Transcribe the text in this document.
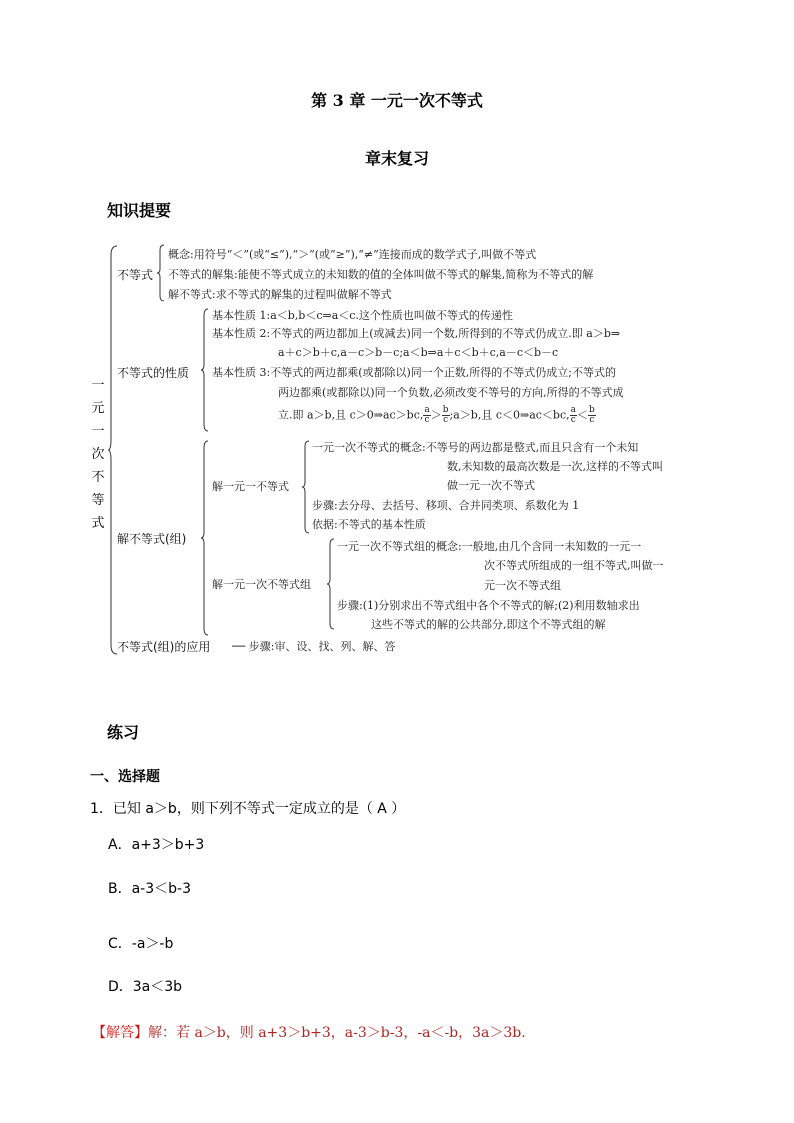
第 3 章 一元一次不等式
章末复习
知识提要
一元一次不等式
不等式
不等式的性质
解不等式(组)
不等式(组)的应用 ── 步骤:审、设、找、列、解、答
概念:用符号“＜”(或“≤”),“＞”(或“≥”),“≠”连接而成的数学式子,叫做不等式
不等式的解集:能使不等式成立的未知数的值的全体叫做不等式的解集,简称为不等式的解
解不等式:求不等式的解集的过程叫做解不等式
基本性质 1:a＜b,b＜c⇒a＜c.这个性质也叫做不等式的传递性
基本性质 2:不等式的两边都加上(或减去)同一个数,所得到的不等式仍成立.即 a＞b⇒
a＋c＞b＋c,a－c＞b－c;a＜b⇒a＋c＜b＋c,a－c＜b－c
基本性质 3:不等式的两边都乘(或都除以)同一个正数,所得的不等式仍成立;不等式的
两边都乘(或都除以)同一个负数,必须改变不等号的方向,所得的不等式成
立.即 a＞b,且 c＞0⇒ac＞bc, $\frac{a}{c} > \frac{b}{c}$ ;a＞b,且 c＜0⇒ac＜bc, $\frac{a}{c} < \frac{b}{c}$
解一元一不等式
一元一次不等式的概念:不等号的两边都是整式,而且只含有一个未知
数,未知数的最高次数是一次,这样的不等式叫
做一元一次不等式
步骤:去分母、去括号、移项、合并同类项、系数化为 1
依据:不等式的基本性质
解一元一次不等式组
一元一次不等式组的概念:一般地,由几个含同一未知数的一元一
次不等式所组成的一组不等式,叫做一
元一次不等式组
步骤:(1)分别求出不等式组中各个不等式的解;(2)利用数轴求出
这些不等式的解的公共部分,即这个不等式组的解
练习
一、选择题
1．已知 a＞b，则下列不等式一定成立的是（ A ）
A．a+3＞b+3
B．a-3＜b-3
C．-a＞-b
D．3a＜3b
【解答】解：若 a＞b，则 a+3＞b+3，a-3＞b-3，-a＜-b，3a＞3b.
